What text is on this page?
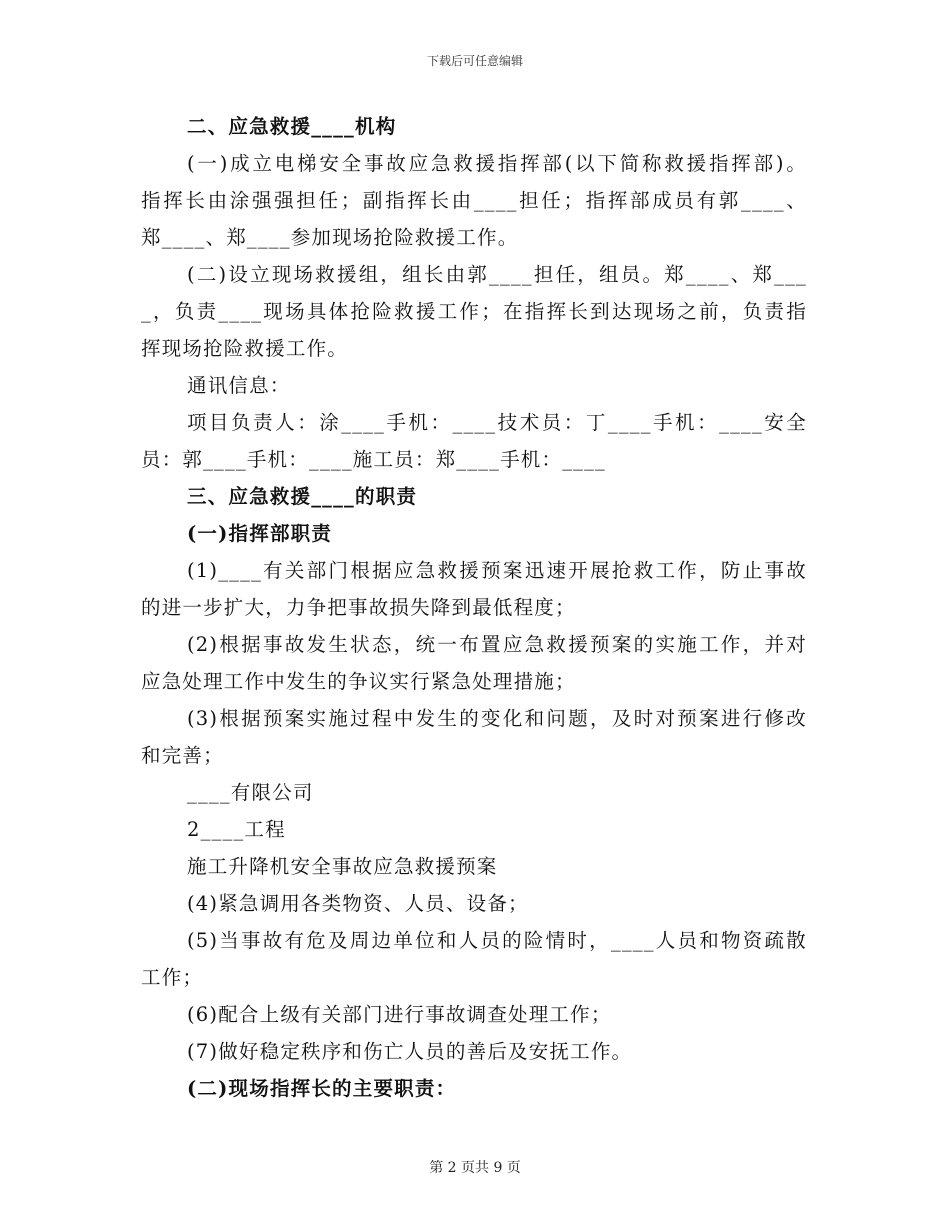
下载后可任意编辑
二、应急救援____机构
(一)成立电梯安全事故应急救援指挥部(以下简称救援指挥部)。
指挥长由涂强强担任；副指挥长由____担任；指挥部成员有郭____、
郑____、郑____参加现场抢险救援工作。
(二)设立现场救援组，组长由郭____担任，组员。郑____、郑___
_，负责____现场具体抢险救援工作；在指挥长到达现场之前，负责指
挥现场抢险救援工作。
通讯信息：
项目负责人：涂____手机：____技术员：丁____手机：____安全
员：郭____手机：____施工员：郑____手机：____
三、应急救援____的职责
(一)指挥部职责
(1)____有关部门根据应急救援预案迅速开展抢救工作，防止事故
的进一步扩大，力争把事故损失降到最低程度；
(2)根据事故发生状态，统一布置应急救援预案的实施工作，并对
应急处理工作中发生的争议实行紧急处理措施；
(3)根据预案实施过程中发生的变化和问题，及时对预案进行修改
和完善；
____有限公司
2____工程
施工升降机安全事故应急救援预案
(4)紧急调用各类物资、人员、设备；
(5)当事故有危及周边单位和人员的险情时，____人员和物资疏散
工作；
(6)配合上级有关部门进行事故调查处理工作；
(7)做好稳定秩序和伤亡人员的善后及安抚工作。
(二)现场指挥长的主要职责：
第 2 页共 9 页
